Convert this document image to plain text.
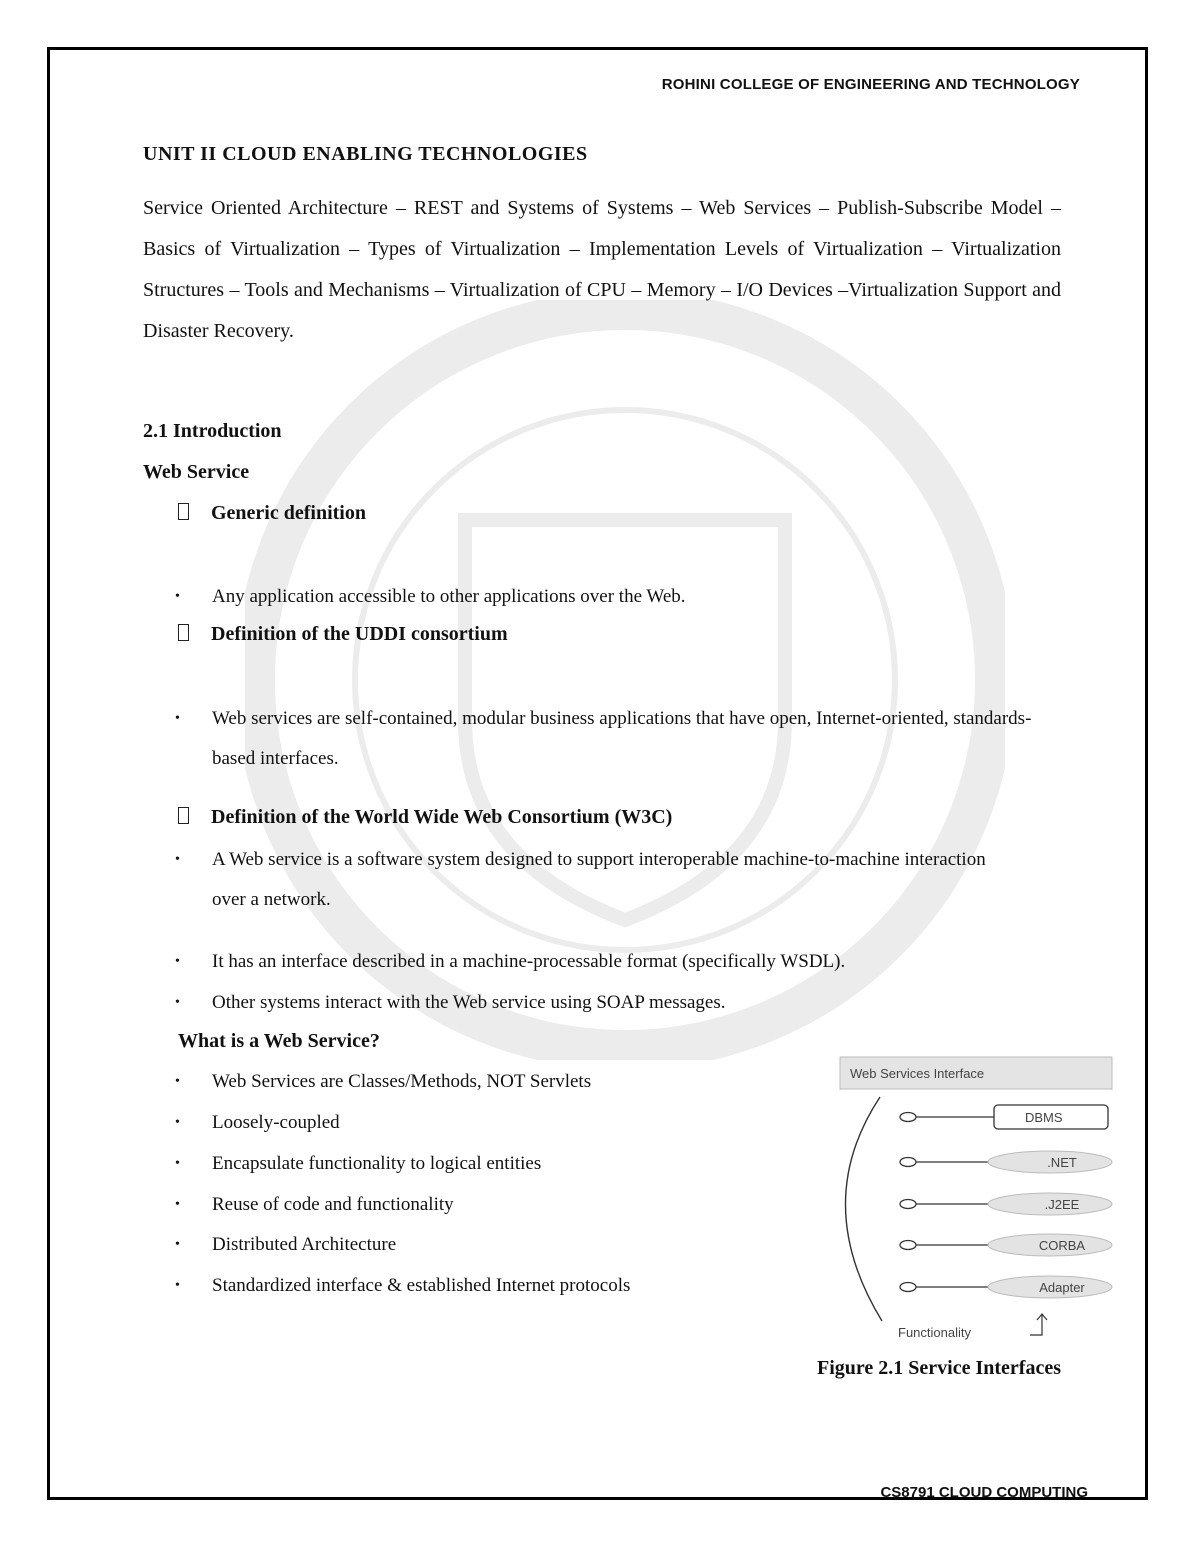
ROHINI COLLEGE OF ENGINEERING AND TECHNOLOGY
UNIT II CLOUD ENABLING TECHNOLOGIES
Service Oriented Architecture – REST and Systems of Systems – Web Services – Publish-Subscribe Model – Basics of Virtualization – Types of Virtualization – Implementation Levels of Virtualization – Virtualization Structures – Tools and Mechanisms – Virtualization of CPU – Memory – I/O Devices –Virtualization Support and Disaster Recovery.
2.1 Introduction
Web Service
Generic definition
• Any application accessible to other applications over the Web.
Definition of the UDDI consortium
• Web services are self-contained, modular business applications that have open, Internet-oriented, standards-based interfaces.
Definition of the World Wide Web Consortium (W3C)
• A Web service is a software system designed to support interoperable machine-to-machine interaction over a network.
• It has an interface described in a machine-processable format (specifically WSDL).
• Other systems interact with the Web service using SOAP messages.
What is a Web Service?
• Web Services are Classes/Methods, NOT Servlets
• Loosely-coupled
• Encapsulate functionality to logical entities
• Reuse of code and functionality
• Distributed Architecture
• Standardized interface & established Internet protocols
Web Services Interface
DBMS
.NET
.J2EE
CORBA
Adapter
Functionality
Figure 2.1 Service Interfaces
CS8791 CLOUD COMPUTING
